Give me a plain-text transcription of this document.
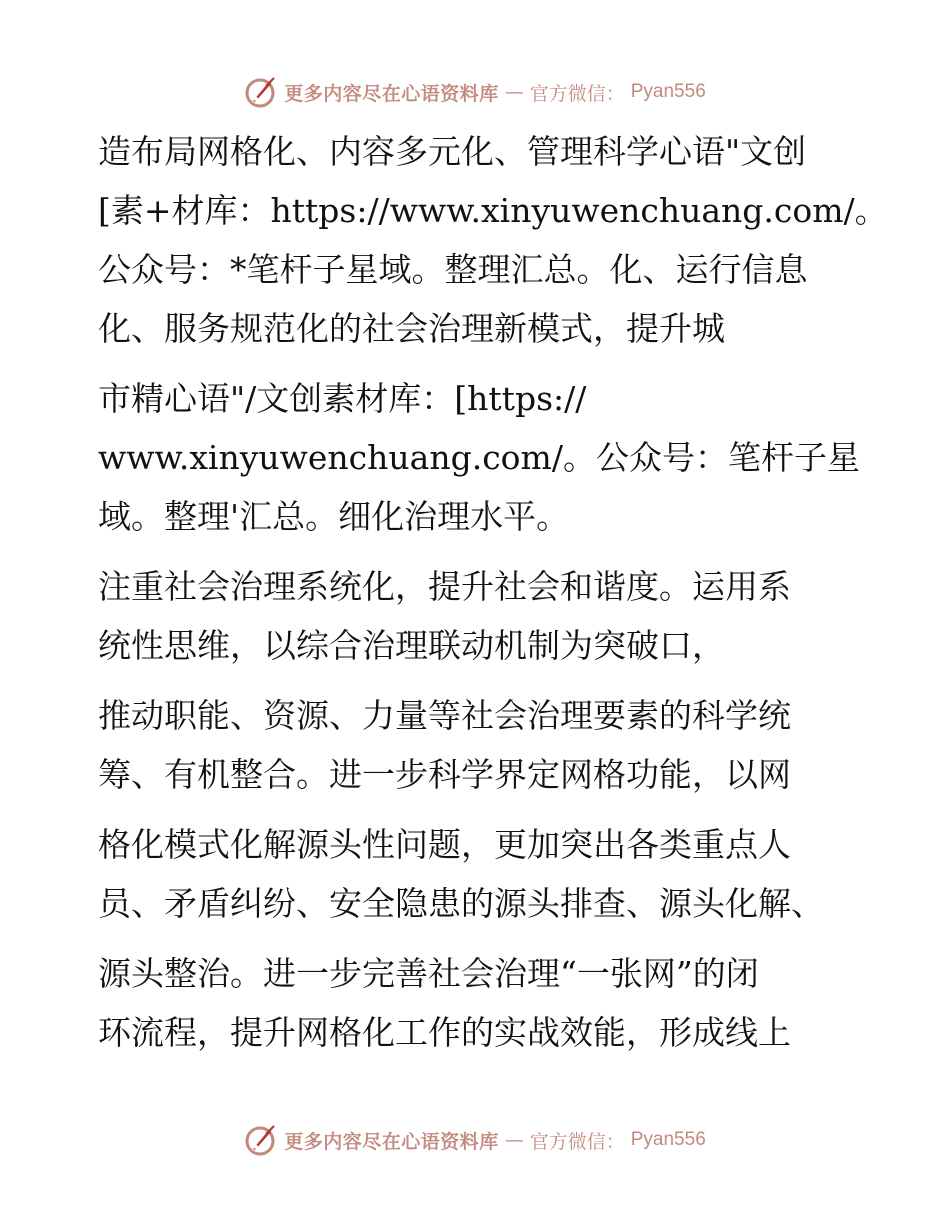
更多内容尽在心语资料库 — 官方微信： Pyan556

造布局网格化、内容多元化、管理科学心语"文创

[素+材库：https://www.xinyuwenchuang.com/。

公众号：*笔杆子星域。整理汇总。化、运行信息

化、服务规范化的社会治理新模式，提升城

市精心语"/文创素材库：[https://

www.xinyuwenchuang.com/。公众号：笔杆子星

域。整理'汇总。细化治理水平。

注重社会治理系统化，提升社会和谐度。运用系

统性思维，以综合治理联动机制为突破口，

推动职能、资源、力量等社会治理要素的科学统

筹、有机整合。进一步科学界定网格功能，以网

格化模式化解源头性问题，更加突出各类重点人

员、矛盾纠纷、安全隐患的源头排查、源头化解、

源头整治。进一步完善社会治理“一张网”的闭

环流程，提升网格化工作的实战效能，形成线上

更多内容尽在心语资料库 — 官方微信： Pyan556
